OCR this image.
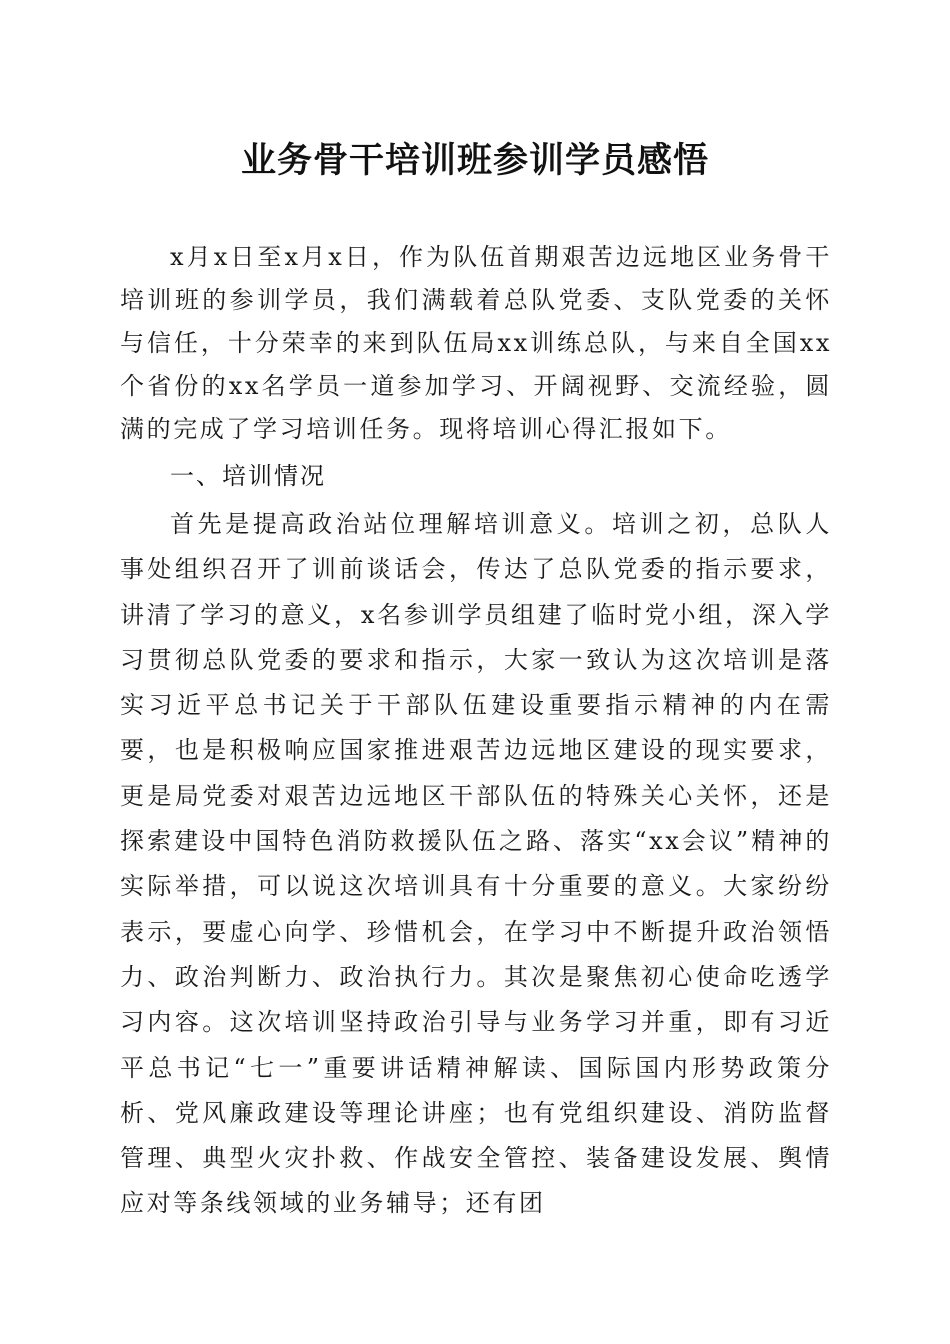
业务骨干培训班参训学员感悟

x月x日至x月x日，作为队伍首期艰苦边远地区业务骨干培训班的参训学员，我们满载着总队党委、支队党委的关怀与信任，十分荣幸的来到队伍局xx训练总队，与来自全国xx个省份的xx名学员一道参加学习、开阔视野、交流经验，圆满的完成了学习培训任务。现将培训心得汇报如下。

一、培训情况

首先是提高政治站位理解培训意义。培训之初，总队人事处组织召开了训前谈话会，传达了总队党委的指示要求，讲清了学习的意义，x名参训学员组建了临时党小组，深入学习贯彻总队党委的要求和指示，大家一致认为这次培训是落实习近平总书记关于干部队伍建设重要指示精神的内在需要，也是积极响应国家推进艰苦边远地区建设的现实要求，更是局党委对艰苦边远地区干部队伍的特殊关心关怀，还是探索建设中国特色消防救援队伍之路、落实“xx会议”精神的实际举措，可以说这次培训具有十分重要的意义。大家纷纷表示，要虚心向学、珍惜机会，在学习中不断提升政治领悟力、政治判断力、政治执行力。其次是聚焦初心使命吃透学习内容。这次培训坚持政治引导与业务学习并重，即有习近平总书记“七一”重要讲话精神解读、国际国内形势政策分析、党风廉政建设等理论讲座；也有党组织建设、消防监督管理、典型火灾扑救、作战安全管控、装备建设发展、舆情应对等条线领域的业务辅导；还有团
